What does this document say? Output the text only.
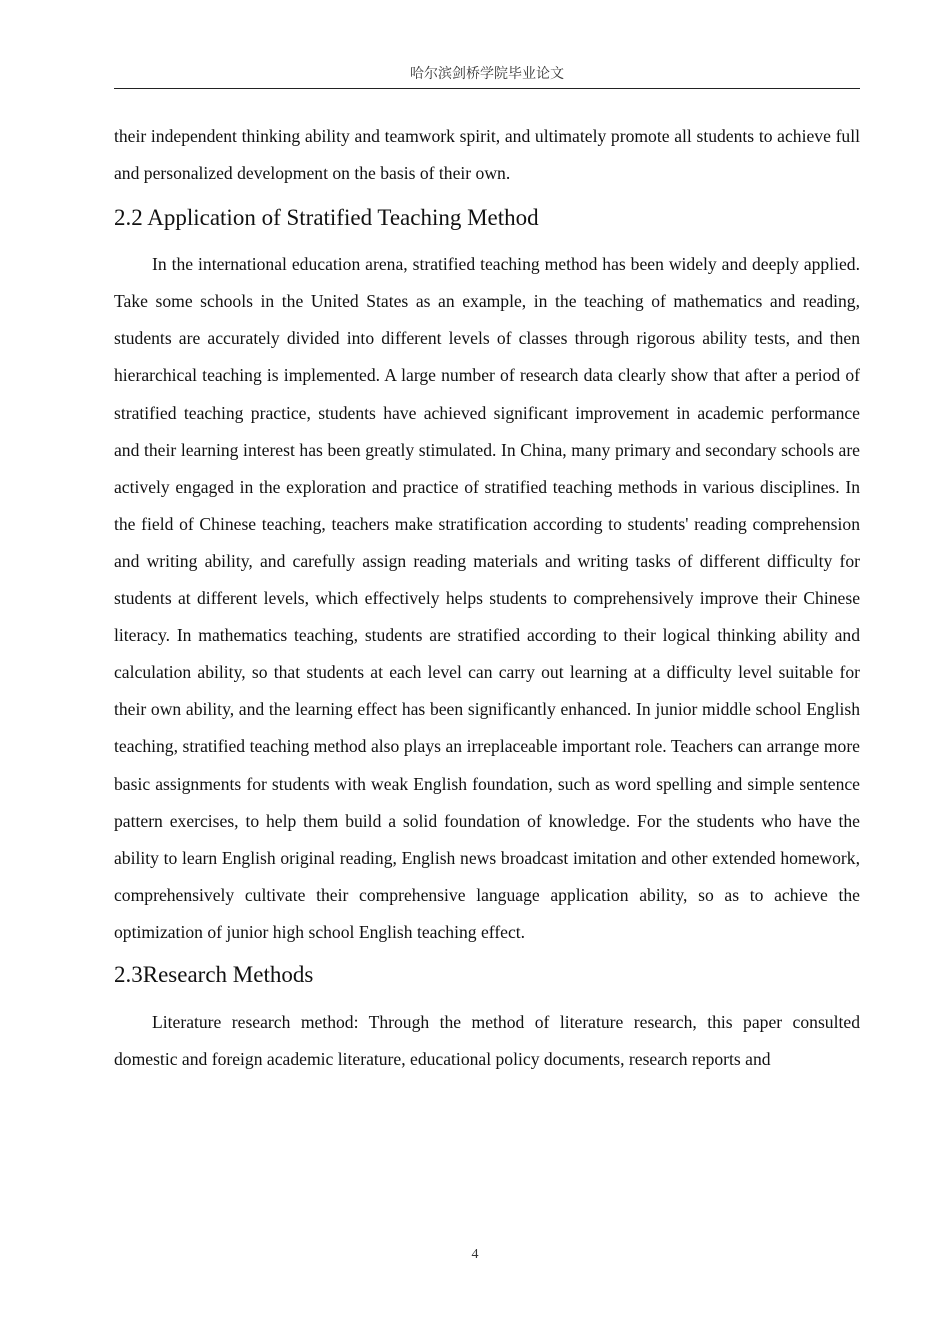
哈尔滨剑桥学院毕业论文

their independent thinking ability and teamwork spirit, and ultimately promote all students to achieve full and personalized development on the basis of their own.

2.2 Application of Stratified Teaching Method

In the international education arena, stratified teaching method has been widely and deeply applied. Take some schools in the United States as an example, in the teaching of mathematics and reading, students are accurately divided into different levels of classes through rigorous ability tests, and then hierarchical teaching is implemented. A large number of research data clearly show that after a period of stratified teaching practice, students have achieved significant improvement in academic performance and their learning interest has been greatly stimulated. In China, many primary and secondary schools are actively engaged in the exploration and practice of stratified teaching methods in various disciplines. In the field of Chinese teaching, teachers make stratification according to students' reading comprehension and writing ability, and carefully assign reading materials and writing tasks of different difficulty for students at different levels, which effectively helps students to comprehensively improve their Chinese literacy. In mathematics teaching, students are stratified according to their logical thinking ability and calculation ability, so that students at each level can carry out learning at a difficulty level suitable for their own ability, and the learning effect has been significantly enhanced. In junior middle school English teaching, stratified teaching method also plays an irreplaceable important role. Teachers can arrange more basic assignments for students with weak English foundation, such as word spelling and simple sentence pattern exercises, to help them build a solid foundation of knowledge. For the students who have the ability to learn English original reading, English news broadcast imitation and other extended homework, comprehensively cultivate their comprehensive language application ability, so as to achieve the optimization of junior high school English teaching effect.

2.3Research Methods

Literature research method: Through the method of literature research, this paper consulted domestic and foreign academic literature, educational policy documents, research reports and

4
